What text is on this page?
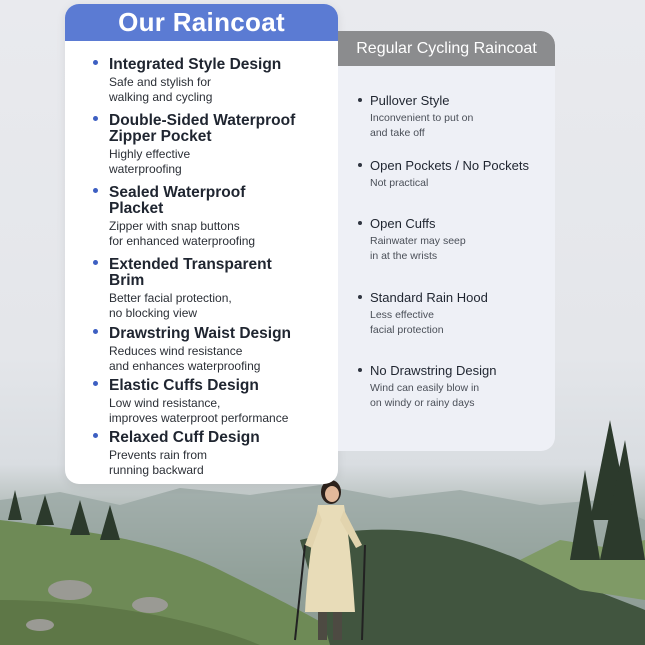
Our Raincoat
Integrated Style Design
Safe and stylish for
walking and cycling
Double-Sided Waterproof
Zipper Pocket
Highly effective
waterproofing
Sealed Waterproof
Placket
Zipper with snap buttons
for enhanced waterproofing
Extended Transparent
Brim
Better facial protection,
no blocking view
Drawstring Waist Design
Reduces wind resistance
and enhances waterproofing
Elastic Cuffs Design
Low wind resistance,
improves waterproot performance
Relaxed Cuff Design
Prevents rain from
running backward
Regular Cycling Raincoat
Pullover Style
Inconvenient to put on
and take off
Open Pockets / No Pockets
Not practical
Open Cuffs
Rainwater may seep
in at the wrists
Standard Rain Hood
Less effective
facial protection
No Drawstring Design
Wind can easily blow in
on windy or rainy days
